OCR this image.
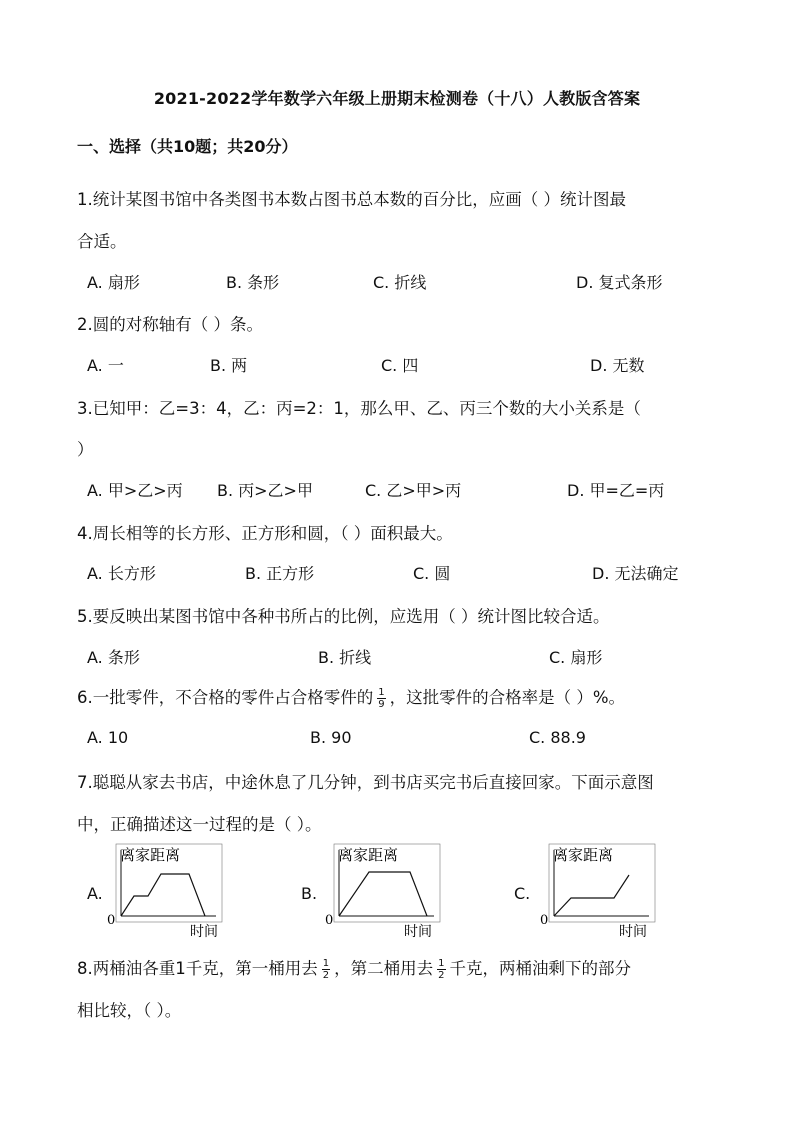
2021-2022学年数学六年级上册期末检测卷（十八）人教版含答案
一、选择（共10题；共20分）
1.统计某图书馆中各类图书本数占图书总本数的百分比，应画（ ）统计图最
合适。
A. 扇形	B. 条形	C. 折线	D. 复式条形
2.圆的对称轴有（ ）条。
A. 一	B. 两	C. 四	D. 无数
3.已知甲：乙=3：4，乙：丙=2：1，那么甲、乙、丙三个数的大小关系是（
）
A. 甲>乙>丙 B. 丙>乙>甲	C. 乙>甲>丙	D. 甲=乙=丙
4.周长相等的长方形、正方形和圆，（ ）面积最大。
A. 长方形	B. 正方形	C. 圆	D. 无法确定
5.要反映出某图书馆中各种书所占的比例，应选用（ ）统计图比较合适。
A. 条形	B. 折线	C. 扇形
6.一批零件，不合格的零件占合格零件的 $\frac{1}{9}$ ，这批零件的合格率是（ ）%。
A. 10	B. 90	C. 88.9
7.聪聪从家去书店，中途休息了几分钟，到书店买完书后直接回家。下面示意图
中，正确描述这一过程的是（ ）。
A.
离家距离
0
时间
B.
离家距离
0
时间
C.
离家距离
0
时间
8.两桶油各重1千克，第一桶用去 $\frac{1}{2}$ ，第二桶用去 $\frac{1}{2}$ 千克，两桶油剩下的部分
相比较，（ ）。
